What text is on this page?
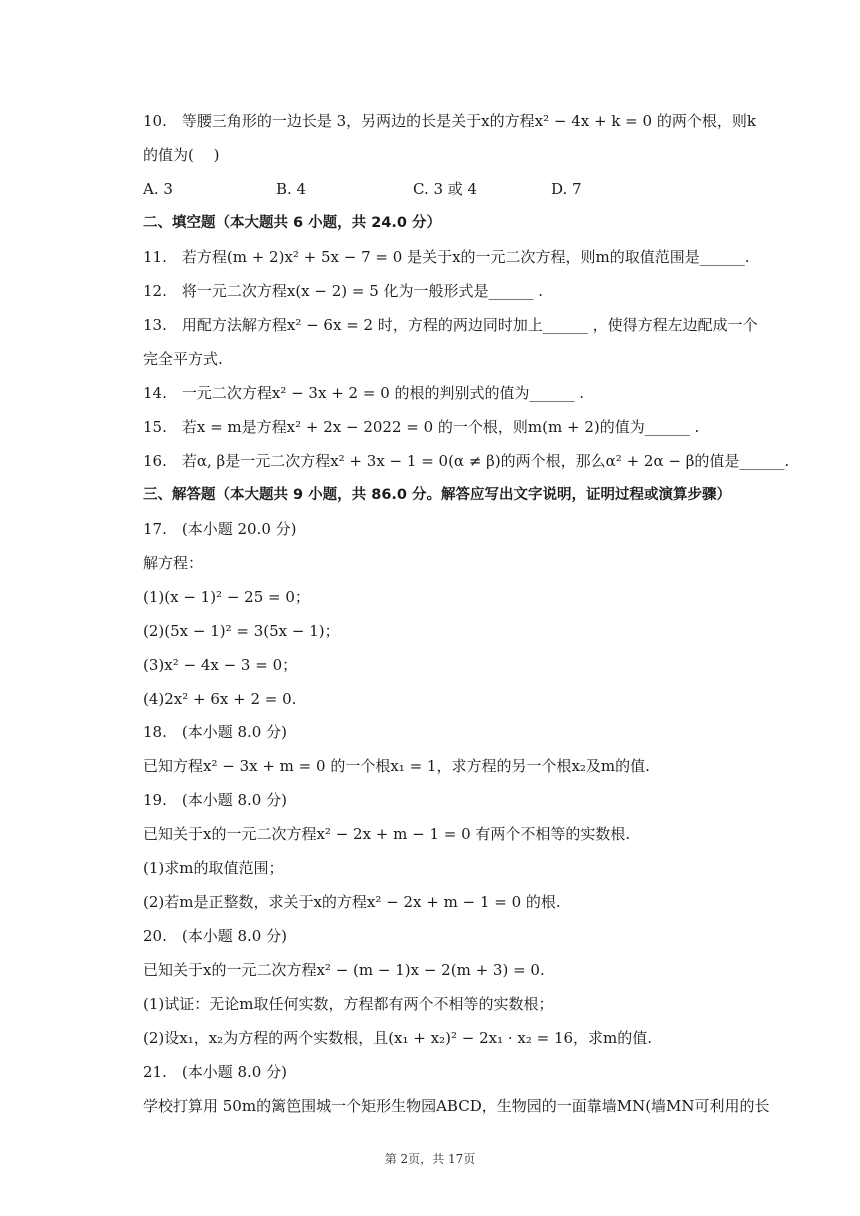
10.　等腰三角形的一边长是 3，另两边的长是关于x的方程x² − 4x + k = 0 的两个根，则k
的值为(　 )
A. 3	B. 4	C. 3 或 4	D. 7
二、填空题（本大题共 6 小题，共 24.0 分）
11.　若方程(m + 2)x² + 5x − 7 = 0 是关于x的一元二次方程，则m的取值范围是______.
12.　将一元二次方程x(x − 2) = 5 化为一般形式是______ .
13.　用配方法解方程x² − 6x = 2 时，方程的两边同时加上______ ，使得方程左边配成一个
完全平方式.
14.　一元二次方程x² − 3x + 2 = 0 的根的判别式的值为______ .
15.　若x = m是方程x² + 2x − 2022 = 0 的一个根，则m(m + 2)的值为______ .
16.　若α, β是一元二次方程x² + 3x − 1 = 0(α ≠ β)的两个根，那么α² + 2α − β的值是______.
三、解答题（本大题共 9 小题，共 86.0 分。解答应写出文字说明，证明过程或演算步骤）
17.　(本小题 20.0 分)
解方程：
(1)(x − 1)² − 25 = 0；
(2)(5x − 1)² = 3(5x − 1)；
(3)x² − 4x − 3 = 0；
(4)2x² + 6x + 2 = 0.
18.　(本小题 8.0 分)
已知方程x² − 3x + m = 0 的一个根x₁ = 1，求方程的另一个根x₂及m的值.
19.　(本小题 8.0 分)
已知关于x的一元二次方程x² − 2x + m − 1 = 0 有两个不相等的实数根.
(1)求m的取值范围；
(2)若m是正整数，求关于x的方程x² − 2x + m − 1 = 0 的根.
20.　(本小题 8.0 分)
已知关于x的一元二次方程x² − (m − 1)x − 2(m + 3) = 0.
(1)试证：无论m取任何实数，方程都有两个不相等的实数根；
(2)设x₁，x₂为方程的两个实数根，且(x₁ + x₂)² − 2x₁ · x₂ = 16，求m的值.
21.　(本小题 8.0 分)
学校打算用 50m的篱笆围城一个矩形生物园ABCD，生物园的一面靠墙MN(墙MN可利用的长
第 2页，共 17页
